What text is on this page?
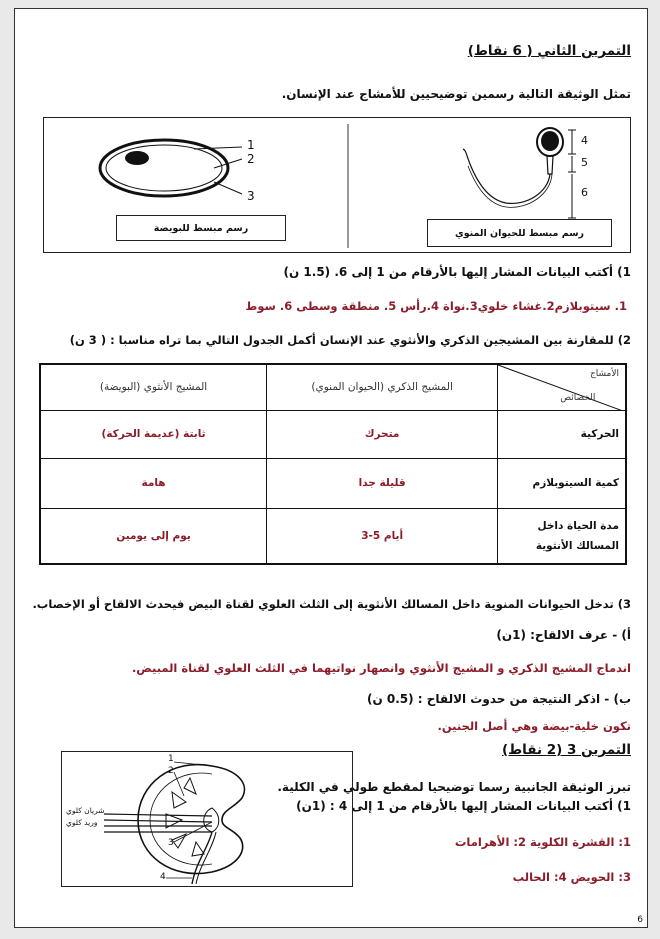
التمرين الثاني ( 6 نقاط)
تمثل الوثيقة التالية رسمين توضيحيين للأمشاج عند الإنسان.
1
2
3
4
5
6
رسم مبسط للبويضة	رسم مبسط للحيوان المنوي
1) أكتب البيانات المشار إليها بالأرقام من 1 إلى 6. (1.5 ن)
1. سيتوبلازم2.غشاء خلوي3.نواة 4.رأس 5. منطقة وسطى 6. سوط
2) للمقارنة بين المشيجين الذكري والأنثوي عند الإنسان أكمل الجدول التالي بما تراه مناسبا : ( 3 ن)
المشيج الأنثوي (البويضة)	المشيج الذكري (الحيوان المنوي)	الأمشاج
الخصائص

ثابتة (عديمة الحركة)	متحرك	الحركية
هامة	قليلة جدا	كمية السيتوبلازم
يوم إلى يومين	3-5 أيام	مدة الحياة داخل المسالك الأنثوية
3) تدخل الحيوانات المنوية داخل المسالك الأنثوية إلى الثلث العلوي لقناة البيض فيحدث الالقاح أو الإخصاب.
أ) - عرف الالقاح: (1ن)
اندماج المشيج الذكري و المشيج الأنثوي وانصهار نواتيهما في الثلث العلوي لقناة المبيض.
ب) - اذكر النتيجة من حدوث الالقاح : (0.5 ن)
تكون خلية-بيضة وهي أصل الجنين.
التمرين 3 (2 نقاط)
تبرز الوثيقة الجانبية رسما توضيحيا لمقطع طولي في الكلية.
1) أكتب البيانات المشار إليها بالأرقام من 1 إلى 4 : (1ن)
1: القشرة الكلوية 2: الأهرامات
3: الحويض 4: الحالب
1
2
3
4
شريان كلوي
وريد كلوي
6
